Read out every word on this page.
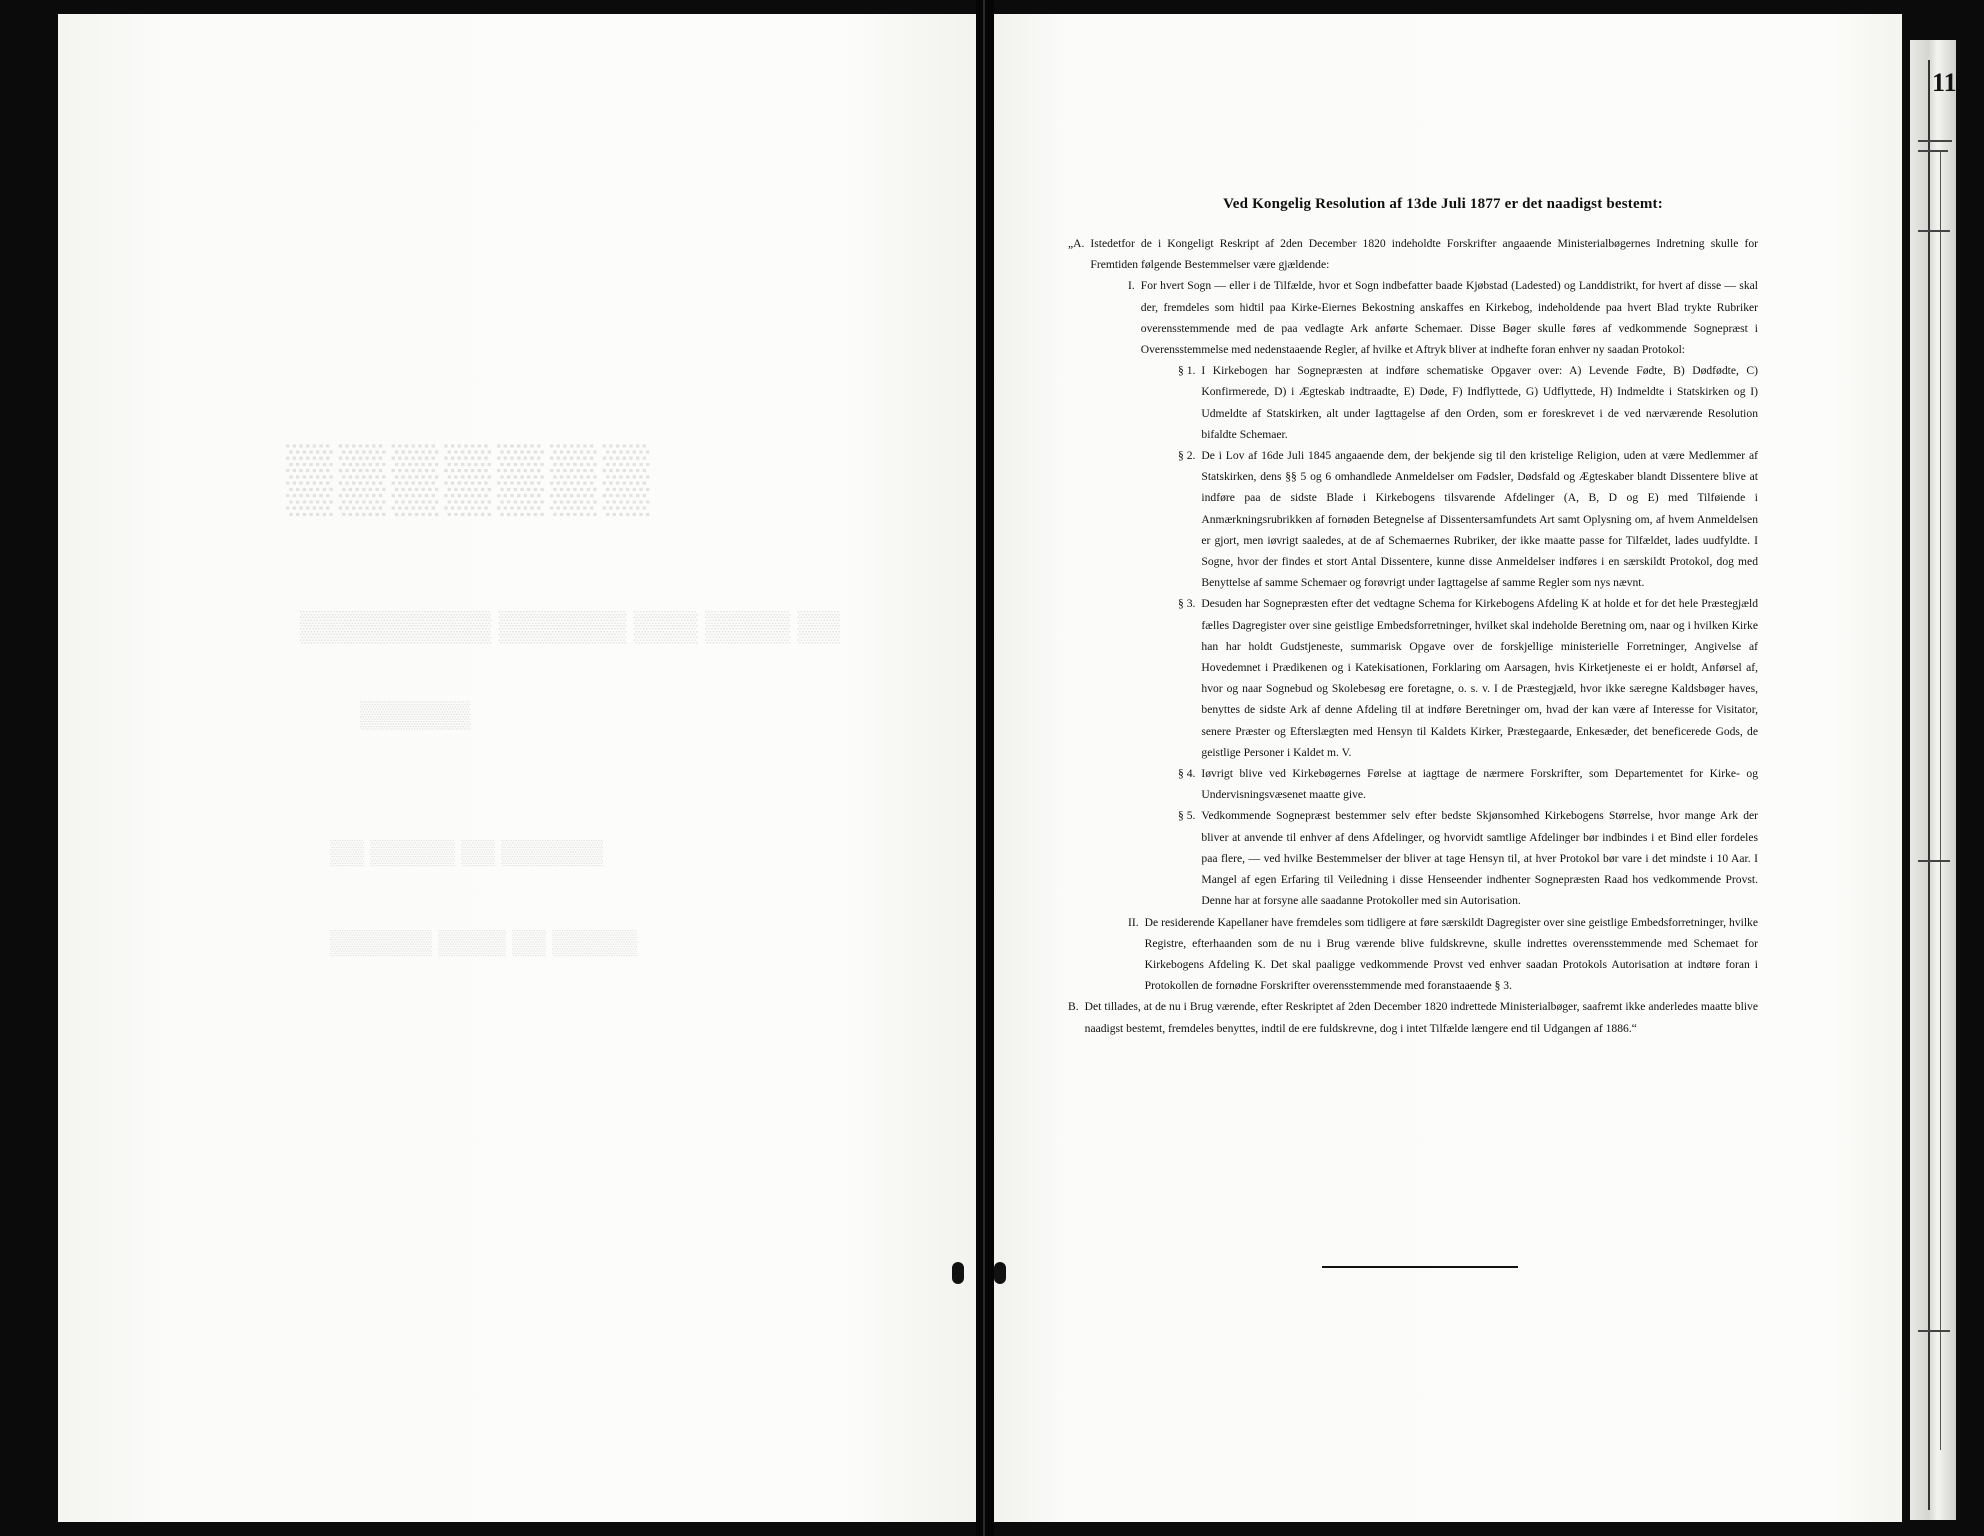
▒▒▒▒▒▒▒
▒▒ ▒▒▒▒ ▒▒▒ ▒▒▒▒▒▒ ▒▒▒▒▒▒▒▒▒
▒▒▒▒▒▒
▒▒▒▒▒▒ ▒▒ ▒▒▒▒▒ ▒▒
▒▒▒▒▒ ▒▒ ▒▒▒▒ ▒▒▒▒▒▒
11

Ved Kongelig Resolution af 13de Juli 1877 er det naadigst bestemt:

„A. Istedetfor de i Kongeligt Reskript af 2den December 1820 indeholdte Forskrifter angaaende Ministerialbøgernes Indretning skulle for Fremtiden følgende Bestemmelser være gjældende:

I. For hvert Sogn — eller i de Tilfælde, hvor et Sogn indbefatter baade Kjøbstad (Ladested) og Landdistrikt, for hvert af disse — skal der, fremdeles som hidtil paa Kirke-Eiernes Bekostning anskaffes en Kirkebog, indeholdende paa hvert Blad trykte Rubriker overensstemmende med de paa vedlagte Ark anførte Schemaer. Disse Bøger skulle føres af vedkommende Sognepræst i Overensstemmelse med nedenstaaende Regler, af hvilke et Aftryk bliver at indhefte foran enhver ny saadan Protokol:

§ 1. I Kirkebogen har Sognepræsten at indføre schematiske Opgaver over: A) Levende Fødte, B) Dødfødte, C) Konfirmerede, D) i Ægteskab indtraadte, E) Døde, F) Indflyttede, G) Udflyttede, H) Indmeldte i Statskirken og I) Udmeldte af Statskirken, alt under Iagttagelse af den Orden, som er foreskrevet i de ved nærværende Resolution bifaldte Schemaer.

§ 2. De i Lov af 16de Juli 1845 angaaende dem, der bekjende sig til den kristelige Religion, uden at være Medlemmer af Statskirken, dens §§ 5 og 6 omhandlede Anmeldelser om Fødsler, Dødsfald og Ægteskaber blandt Dissentere blive at indføre paa de sidste Blade i Kirkebogens tilsvarende Afdelinger (A, B, D og E) med Tilføiende i Anmærkningsrubrikken af fornøden Betegnelse af Dissentersamfundets Art samt Oplysning om, af hvem Anmeldelsen er gjort, men iøvrigt saaledes, at de af Schemaernes Rubriker, der ikke maatte passe for Tilfældet, lades uudfyldte. I Sogne, hvor der findes et stort Antal Dissentere, kunne disse Anmeldelser indføres i en særskildt Protokol, dog med Benyttelse af samme Schemaer og forøvrigt under Iagttagelse af samme Regler som nys nævnt.

§ 3. Desuden har Sognepræsten efter det vedtagne Schema for Kirkebogens Afdeling K at holde et for det hele Præstegjæld fælles Dagregister over sine geistlige Embedsforretninger, hvilket skal indeholde Beretning om, naar og i hvilken Kirke han har holdt Gudstjeneste, summarisk Opgave over de forskjellige ministerielle Forretninger, Angivelse af Hovedemnet i Prædikenen og i Katekisationen, Forklaring om Aarsagen, hvis Kirketjeneste ei er holdt, Anførsel af, hvor og naar Sognebud og Skolebesøg ere foretagne, o. s. v. I de Præstegjæld, hvor ikke særegne Kaldsbøger haves, benyttes de sidste Ark af denne Afdeling til at indføre Beretninger om, hvad der kan være af Interesse for Visitator, senere Præster og Efterslægten med Hensyn til Kaldets Kirker, Præstegaarde, Enkesæder, det beneficerede Gods, de geistlige Personer i Kaldet m. V.

§ 4. Iøvrigt blive ved Kirkebøgernes Førelse at iagttage de nærmere Forskrifter, som Departementet for Kirke- og Undervisningsvæsenet maatte give.

§ 5. Vedkommende Sognepræst bestemmer selv efter bedste Skjønsomhed Kirkebogens Størrelse, hvor mange Ark der bliver at anvende til enhver af dens Afdelinger, og hvorvidt samtlige Afdelinger bør indbindes i et Bind eller fordeles paa flere, — ved hvilke Bestemmelser der bliver at tage Hensyn til, at hver Protokol bør vare i det mindste i 10 Aar. I Mangel af egen Erfaring til Veiledning i disse Henseender indhenter Sognepræsten Raad hos vedkommende Provst. Denne har at forsyne alle saadanne Protokoller med sin Autorisation.

II. De residerende Kapellaner have fremdeles som tidligere at føre særskildt Dagregister over sine geistlige Embedsforretninger, hvilke Registre, efterhaanden som de nu i Brug værende blive fuldskrevne, skulle indrettes overensstemmende med Schemaet for Kirkebogens Afdeling K. Det skal paaligge vedkommende Provst ved enhver saadan Protokols Autorisation at indtøre foran i Protokollen de fornødne Forskrifter overensstemmende med foranstaaende § 3.

B. Det tillades, at de nu i Brug værende, efter Reskriptet af 2den December 1820 indrettede Ministerialbøger, saafremt ikke anderledes maatte blive naadigst bestemt, fremdeles benyttes, indtil de ere fuldskrevne, dog i intet Tilfælde længere end til Udgangen af 1886.“
